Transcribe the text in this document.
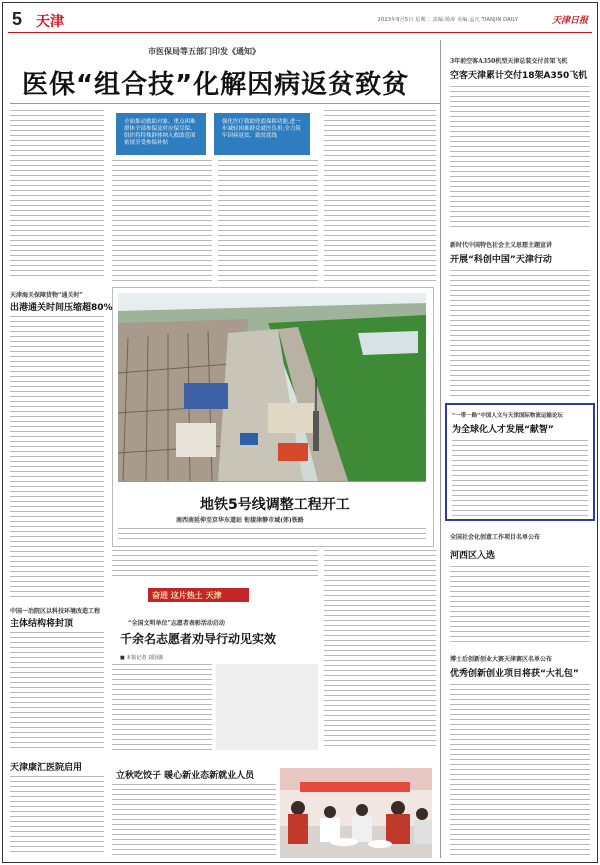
5 天津	2023年9月5日 星期二 责编:杨涛 美编:孟凡 TIANJIN DAILY	天津日报
市医保局等五部门印发《通知》
医保“组合技”化解因病返贫致贫
全面推动救助对象、重点困难群体全部参保及时应保尽保、组织将特殊群体纳入救助范围依规享受参保补贴
强化医疗救助兜底保障功能,进一步减轻困难群众就医负担,全力筑牢因病返贫、致贫底线
地铁5号线调整工程开工
南西南延伸至京华东道站 衔接津静市域(郊)铁路
天津海关保障货物“通关时”
出港通关时间压缩超80%
中国一冶院区以科技环境改造工程
主体结构将封顶
天津康汇医院启用
奋进 这片热土 天津
“全国文明单位”志愿者表彰活动启动
千余名志愿者劝导行动见实效
■ 本报记者 刘国强
立秋吃饺子 暖心新业态新就业人员
3年前空客A350机型天津总装交付首架飞机
空客天津累计交付18架A350飞机
新时代中国特色社会主义思想主题宣讲
开展“科创中国”天津行动
“一带一路”中国人文与天津国际物流运输论坛
为全球化人才发展“献智”
全国社会化创意工作项目名单公布
河西区入选
博士后创新创业大赛天津赛区名单公布
优秀创新创业项目将获“大礼包”
